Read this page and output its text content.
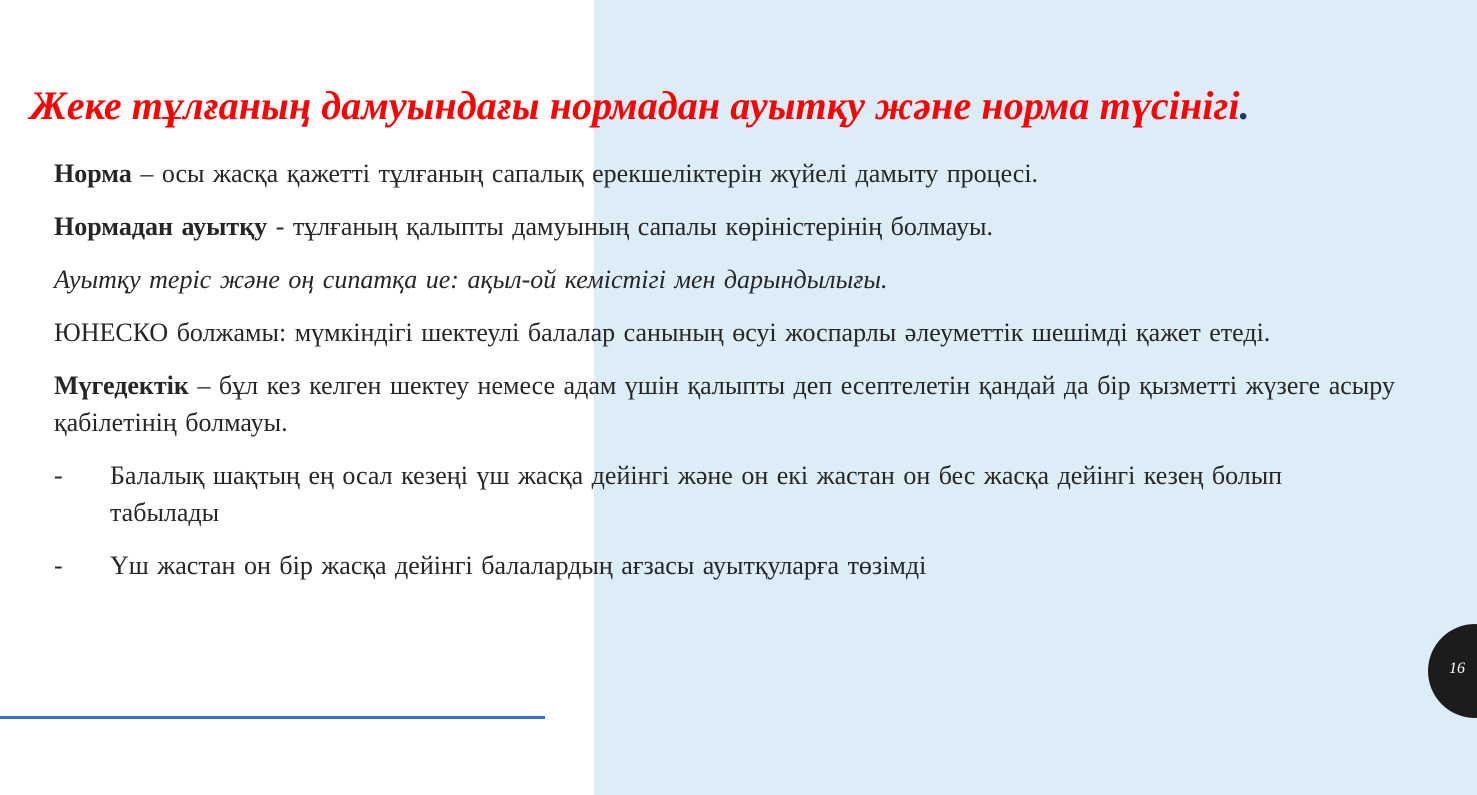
Жеке тұлғаның дамуындағы нормадан ауытқу және норма түсінігі.

Норма – осы жасқа қажетті тұлғаның сапалық ерекшеліктерін жүйелі дамыту процесі.

Нормадан ауытқу - тұлғаның қалыпты дамуының сапалы көріністерінің болмауы.

Ауытқу теріс және оң сипатқа ие: ақыл-ой кемістігі мен дарындылығы.

ЮНЕСКО болжамы: мүмкіндігі шектеулі балалар санының өсуі жоспарлы әлеуметтік шешімді қажет етеді.

Мүгедектік – бұл кез келген шектеу немесе адам үшін қалыпты деп есептелетін қандай да бір қызметті жүзеге асыру қабілетінің болмауы.

-	Балалық шақтың ең осал кезеңі үш жасқа дейінгі және он екі жастан он бес жасқа дейінгі кезең болып табылады
-	Үш жастан он бір жасқа дейінгі балалардың ағзасы ауытқуларға төзімді
16
